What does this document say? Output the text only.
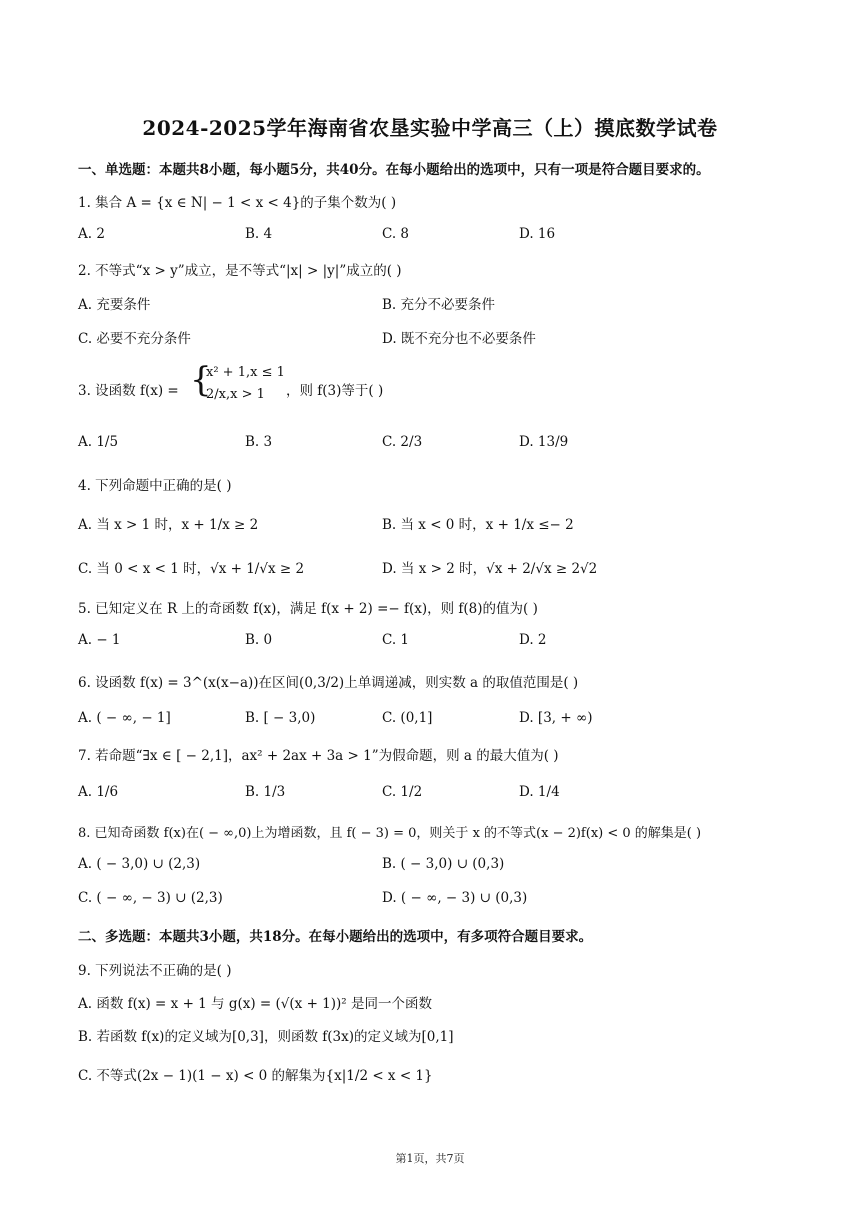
2024-2025学年海南省农垦实验中学高三（上）摸底数学试卷
一、单选题：本题共8小题，每小题5分，共40分。在每小题给出的选项中，只有一项是符合题目要求的。
1. 集合 A = {x ∈ N| − 1 < x < 4}的子集个数为( )
A. 2	B. 4	C. 8	D. 16
2. 不等式“x > y”成立，是不等式“|x| > |y|”成立的( )
A. 充要条件	B. 充分不必要条件
C. 必要不充分条件	D. 既不充分也不必要条件
3. 设函数 f(x) = {
x² + 1,x ≤ 1
2/x,x > 1 ，则 f(3)等于( )
A. 1/5	B. 3	C. 2/3	D. 13/9
4. 下列命题中正确的是( )
A. 当 x > 1 时，x + 1/x ≥ 2	B. 当 x < 0 时，x + 1/x ≤− 2
C. 当 0 < x < 1 时，√x + 1/√x ≥ 2	D. 当 x > 2 时，√x + 2/√x ≥ 2√2
5. 已知定义在 R 上的奇函数 f(x)，满足 f(x + 2) =− f(x)，则 f(8)的值为( )
A. − 1	B. 0	C. 1	D. 2
6. 设函数 f(x) = 3^(x(x−a))在区间(0,3/2)上单调递减，则实数 a 的取值范围是( )
A. ( − ∞, − 1]	B. [ − 3,0)	C. (0,1]	D. [3, + ∞)
7. 若命题“∃x ∈ [ − 2,1]，ax² + 2ax + 3a > 1”为假命题，则 a 的最大值为( )
A. 1/6	B. 1/3	C. 1/2	D. 1/4
8. 已知奇函数 f(x)在( − ∞,0)上为增函数，且 f( − 3) = 0，则关于 x 的不等式(x − 2)f(x) < 0 的解集是( )
A. ( − 3,0) ∪ (2,3)	B. ( − 3,0) ∪ (0,3)
C. ( − ∞, − 3) ∪ (2,3)	D. ( − ∞, − 3) ∪ (0,3)
二、多选题：本题共3小题，共18分。在每小题给出的选项中，有多项符合题目要求。
9. 下列说法不正确的是( )
A. 函数 f(x) = x + 1 与 g(x) = (√(x + 1))² 是同一个函数
B. 若函数 f(x)的定义域为[0,3]，则函数 f(3x)的定义域为[0,1]
C. 不等式(2x − 1)(1 − x) < 0 的解集为{x|1/2 < x < 1}
第1页，共7页
